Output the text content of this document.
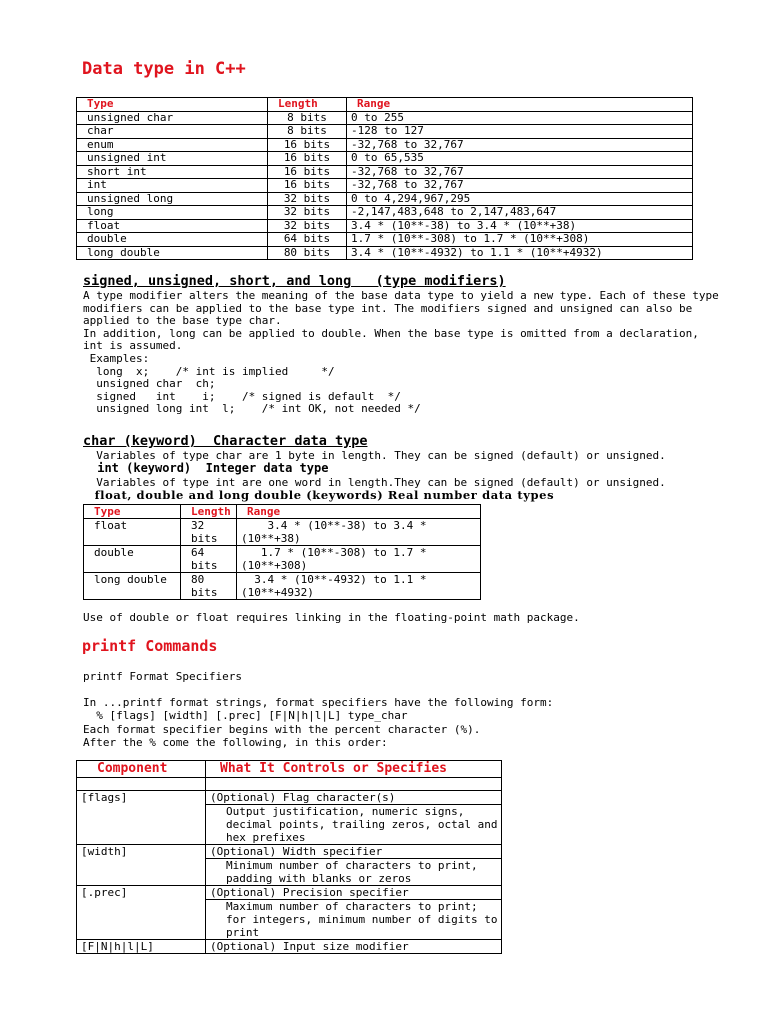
Data type in C++
Type	Length	Range
unsigned char	8 bits	0 to 255
char	8 bits	-128 to 127
enum	16 bits	-32,768 to 32,767
unsigned int	16 bits	0 to 65,535
short int	16 bits	-32,768 to 32,767
int	16 bits	-32,768 to 32,767
unsigned long	32 bits	0 to 4,294,967,295
long	32 bits	-2,147,483,648 to 2,147,483,647
float	32 bits	3.4 * (10**-38) to 3.4 * (10**+38)
double	64 bits	1.7 * (10**-308) to 1.7 * (10**+308)
long double	80 bits	3.4 * (10**-4932) to 1.1 * (10**+4932)
signed, unsigned, short, and long   (type modifiers)
A type modifier alters the meaning of the base data type to yield a new type. Each of these type
modifiers can be applied to the base type int. The modifiers signed and unsigned can also be
applied to the base type char.
In addition, long can be applied to double. When the base type is omitted from a declaration,
int is assumed.
Examples:
long  x;    /* int is implied     */
unsigned char  ch;
signed   int    i;    /* signed is default  */
unsigned long int  l;    /* int OK, not needed */
char (keyword)  Character data type
Variables of type char are 1 byte in length. They can be signed (default) or unsigned.
int (keyword)  Integer data type
Variables of type int are one word in length.They can be signed (default) or unsigned.
float, double and long double (keywords) Real number data types
Type	Length	Range
float	32 bits	3.4 * (10**-38) to 3.4 * (10**+38)
double	64 bits	1.7 * (10**-308) to 1.7 * (10**+308)
long double	80 bits	3.4 * (10**-4932) to 1.1 * (10**+4932)
Use of double or float requires linking in the floating-point math package.
printf Commands
printf Format Specifiers
In ...printf format strings, format specifiers have the following form:
% [flags] [width] [.prec] [F|N|h|l|L] type_char
Each format specifier begins with the percent character (%).
After the % come the following, in this order:
Component	What It Controls or Specifies

[flags]	(Optional) Flag character(s)
	Output justification, numeric signs, decimal points, trailing zeros, octal and hex prefixes
[width]	(Optional) Width specifier
	Minimum number of characters to print, padding with blanks or zeros
[.prec]	(Optional) Precision specifier
	Maximum number of characters to print; for integers, minimum number of digits to print
[F|N|h|l|L]	(Optional) Input size modifier
